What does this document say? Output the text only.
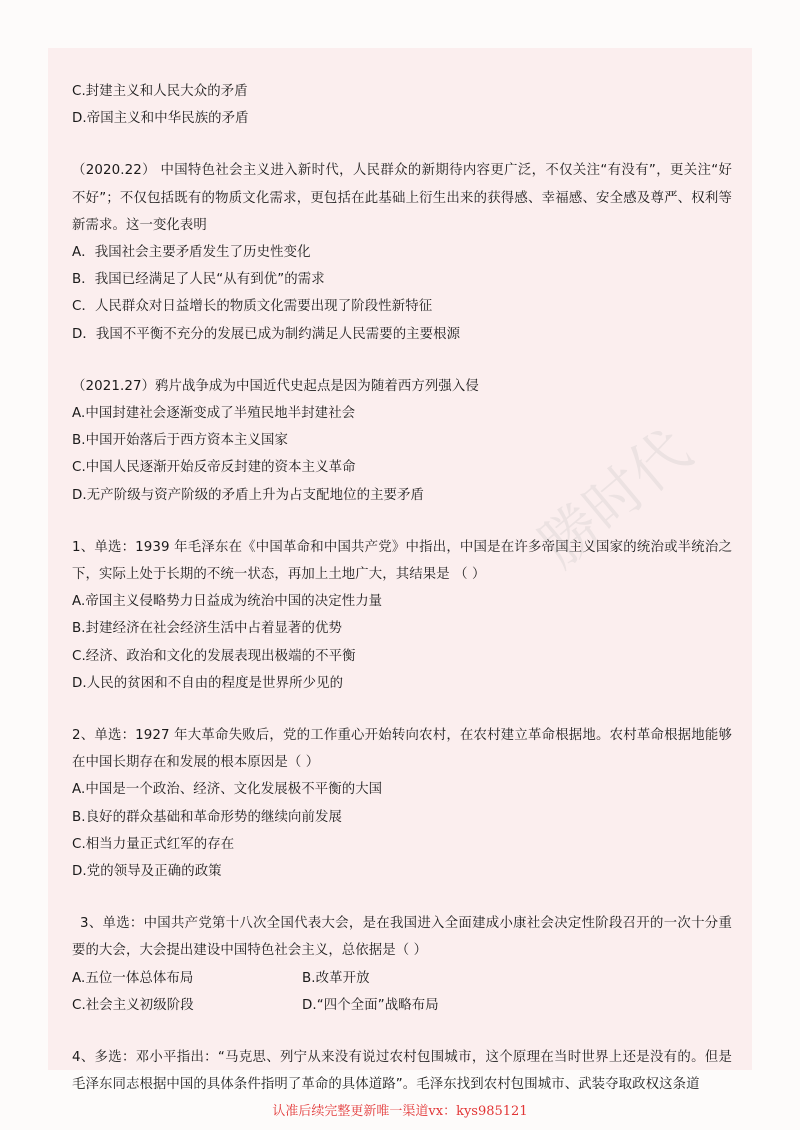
C.封建主义和人民大众的矛盾
D.帝国主义和中华民族的矛盾
（2020.22） 中国特色社会主义进入新时代，人民群众的新期待内容更广泛，不仅关注“有没有”，更关注“好不好”；不仅包括既有的物质文化需求，更包括在此基础上衍生出来的获得感、幸福感、安全感及尊严、权利等新需求。这一变化表明
A．我国社会主要矛盾发生了历史性变化
B．我国已经满足了人民“从有到优”的需求
C．人民群众对日益增长的物质文化需要出现了阶段性新特征
D．我国不平衡不充分的发展已成为制约满足人民需要的主要根源
（2021.27）鸦片战争成为中国近代史起点是因为随着西方列强入侵
A.中国封建社会逐渐变成了半殖民地半封建社会
B.中国开始落后于西方资本主义国家
C.中国人民逐渐开始反帝反封建的资本主义革命
D.无产阶级与资产阶级的矛盾上升为占支配地位的主要矛盾
1、单选：1939 年毛泽东在《中国革命和中国共产党》中指出，中国是在许多帝国主义国家的统治或半统治之下，实际上处于长期的不统一状态，再加上土地广大，其结果是 （ ）
A.帝国主义侵略势力日益成为统治中国的决定性力量
B.封建经济在社会经济生活中占着显著的优势
C.经济、政治和文化的发展表现出极端的不平衡
D.人民的贫困和不自由的程度是世界所少见的
2、单选：1927 年大革命失败后，党的工作重心开始转向农村，在农村建立革命根据地。农村革命根据地能够在中国长期存在和发展的根本原因是（ ）
A.中国是一个政治、经济、文化发展极不平衡的大国
B.良好的群众基础和革命形势的继续向前发展
C.相当力量正式红军的存在
D.党的领导及正确的政策
3、单选：中国共产党第十八次全国代表大会，是在我国进入全面建成小康社会决定性阶段召开的一次十分重要的大会，大会提出建设中国特色社会主义，总依据是（ ）
A.五位一体总体布局	B.改革开放
C.社会主义初级阶段	D.“四个全面”战略布局
4、多选：邓小平指出：“马克思、列宁从来没有说过农村包围城市，这个原理在当时世界上还是没有的。但是毛泽东同志根据中国的具体条件指明了革命的具体道路”。毛泽东找到农村包围城市、武装夺取政权这条道
勝时代
认准后续完整更新唯一渠道vx：kys985121
